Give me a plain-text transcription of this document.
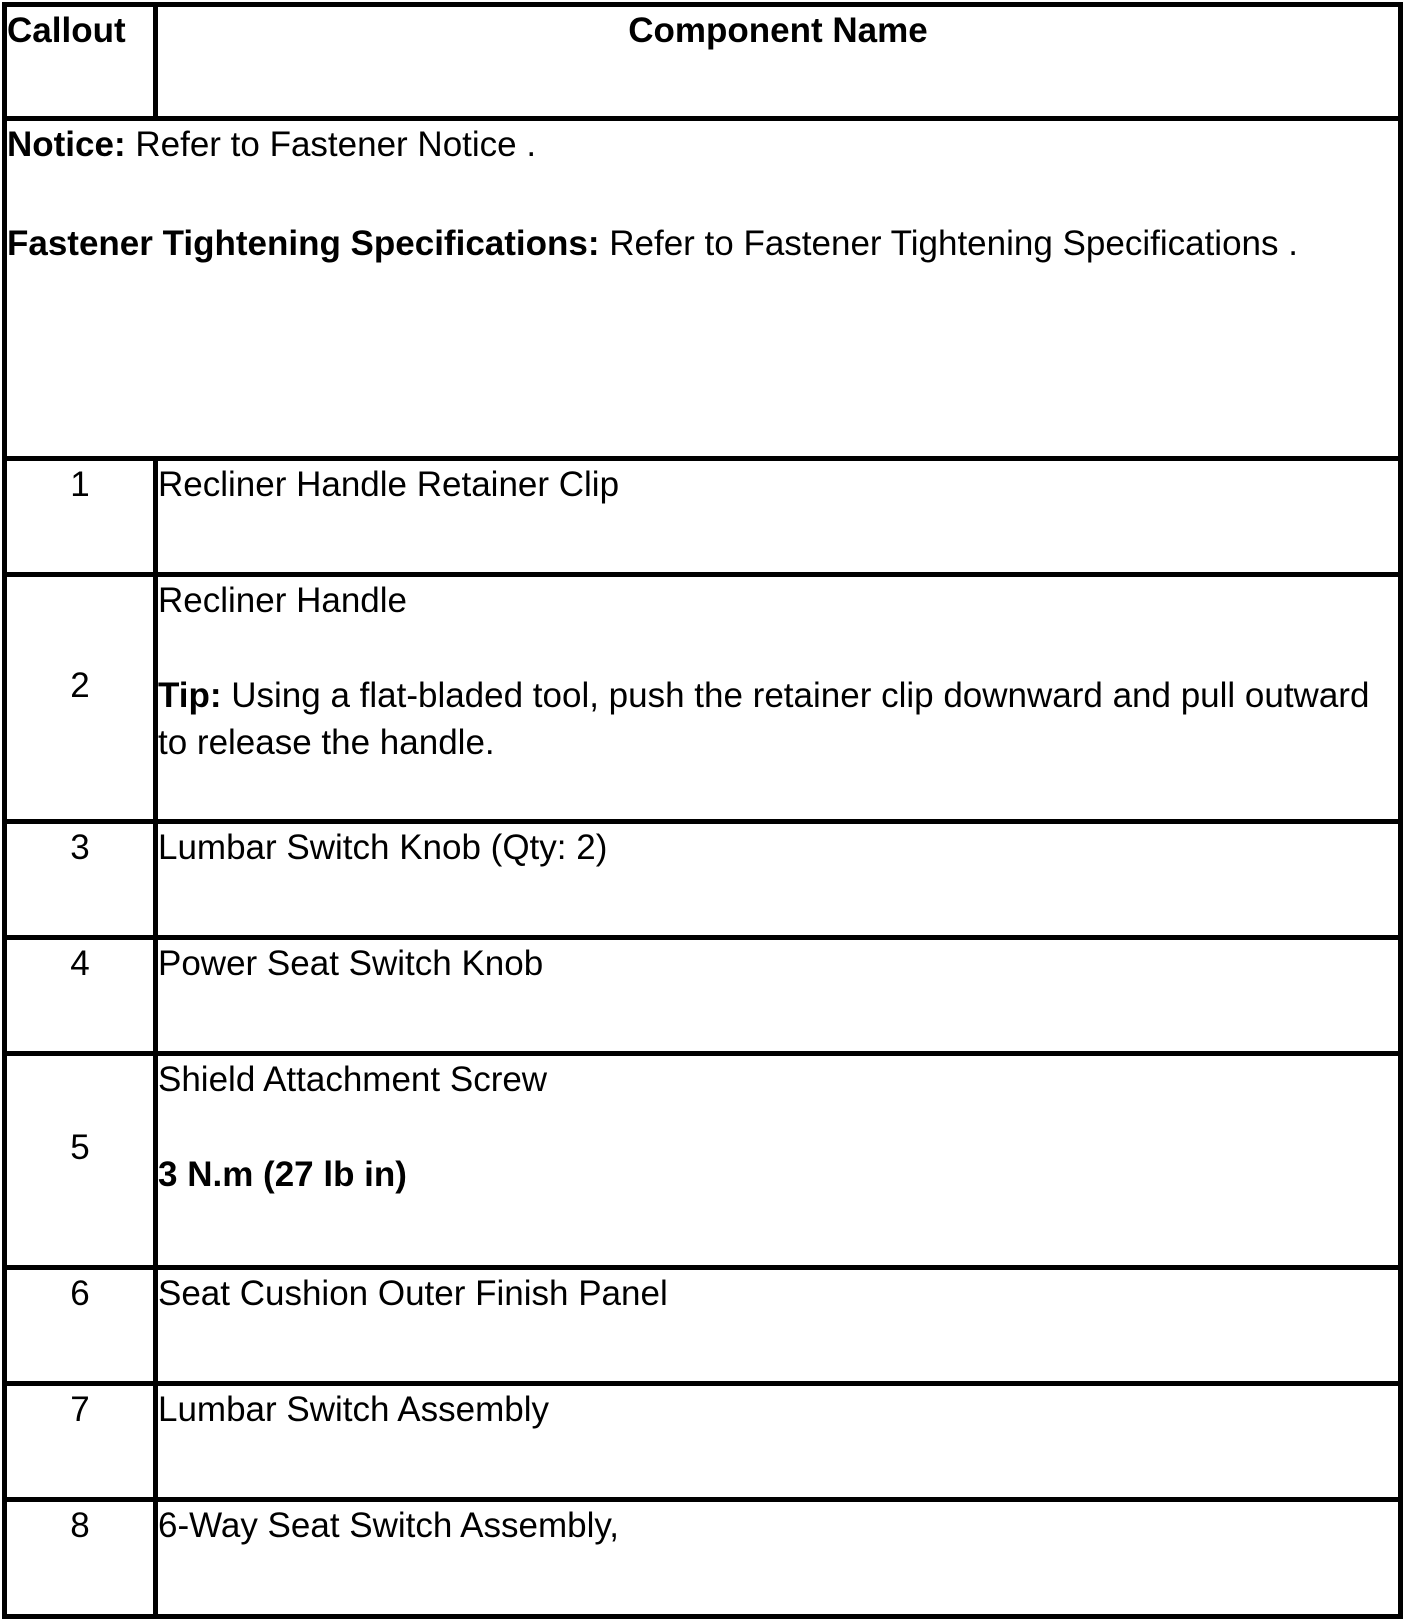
Callout	Component Name

Notice: Refer to Fastener Notice .
Fastener Tightening Specifications: Refer to Fastener Tightening Specifications .	

1	Recliner Handle Retainer Clip
2	Recliner Handle
Tip: Using a flat-bladed tool, push the retainer clip downward and pull outward to release the handle.

3	Lumbar Switch Knob (Qty: 2)
4	Power Seat Switch Knob
5	Shield Attachment Screw
3 N.m (27 lb in)

6	Seat Cushion Outer Finish Panel
7	Lumbar Switch Assembly
8	6-Way Seat Switch Assembly,
